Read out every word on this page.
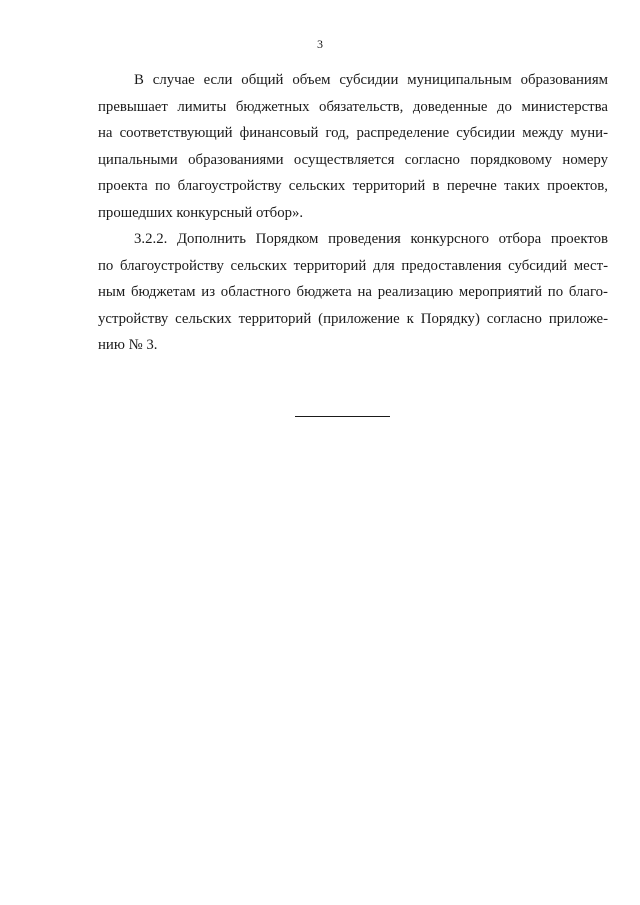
3

В случае если общий объем субсидии муниципальным образованиям
превышает лимиты бюджетных обязательств, доведенные до министерства
на соответствующий финансовый год, распределение субсидии между муни-
ципальными образованиями осуществляется согласно порядковому номеру
проекта по благоустройству сельских территорий в перечне таких проектов,
прошедших конкурсный отбор».

3.2.2. Дополнить Порядком проведения конкурсного отбора проектов
по благоустройству сельских территорий для предоставления субсидий мест-
ным бюджетам из областного бюджета на реализацию мероприятий по благо-
устройству сельских территорий (приложение к Порядку) согласно приложе-
нию № 3.
